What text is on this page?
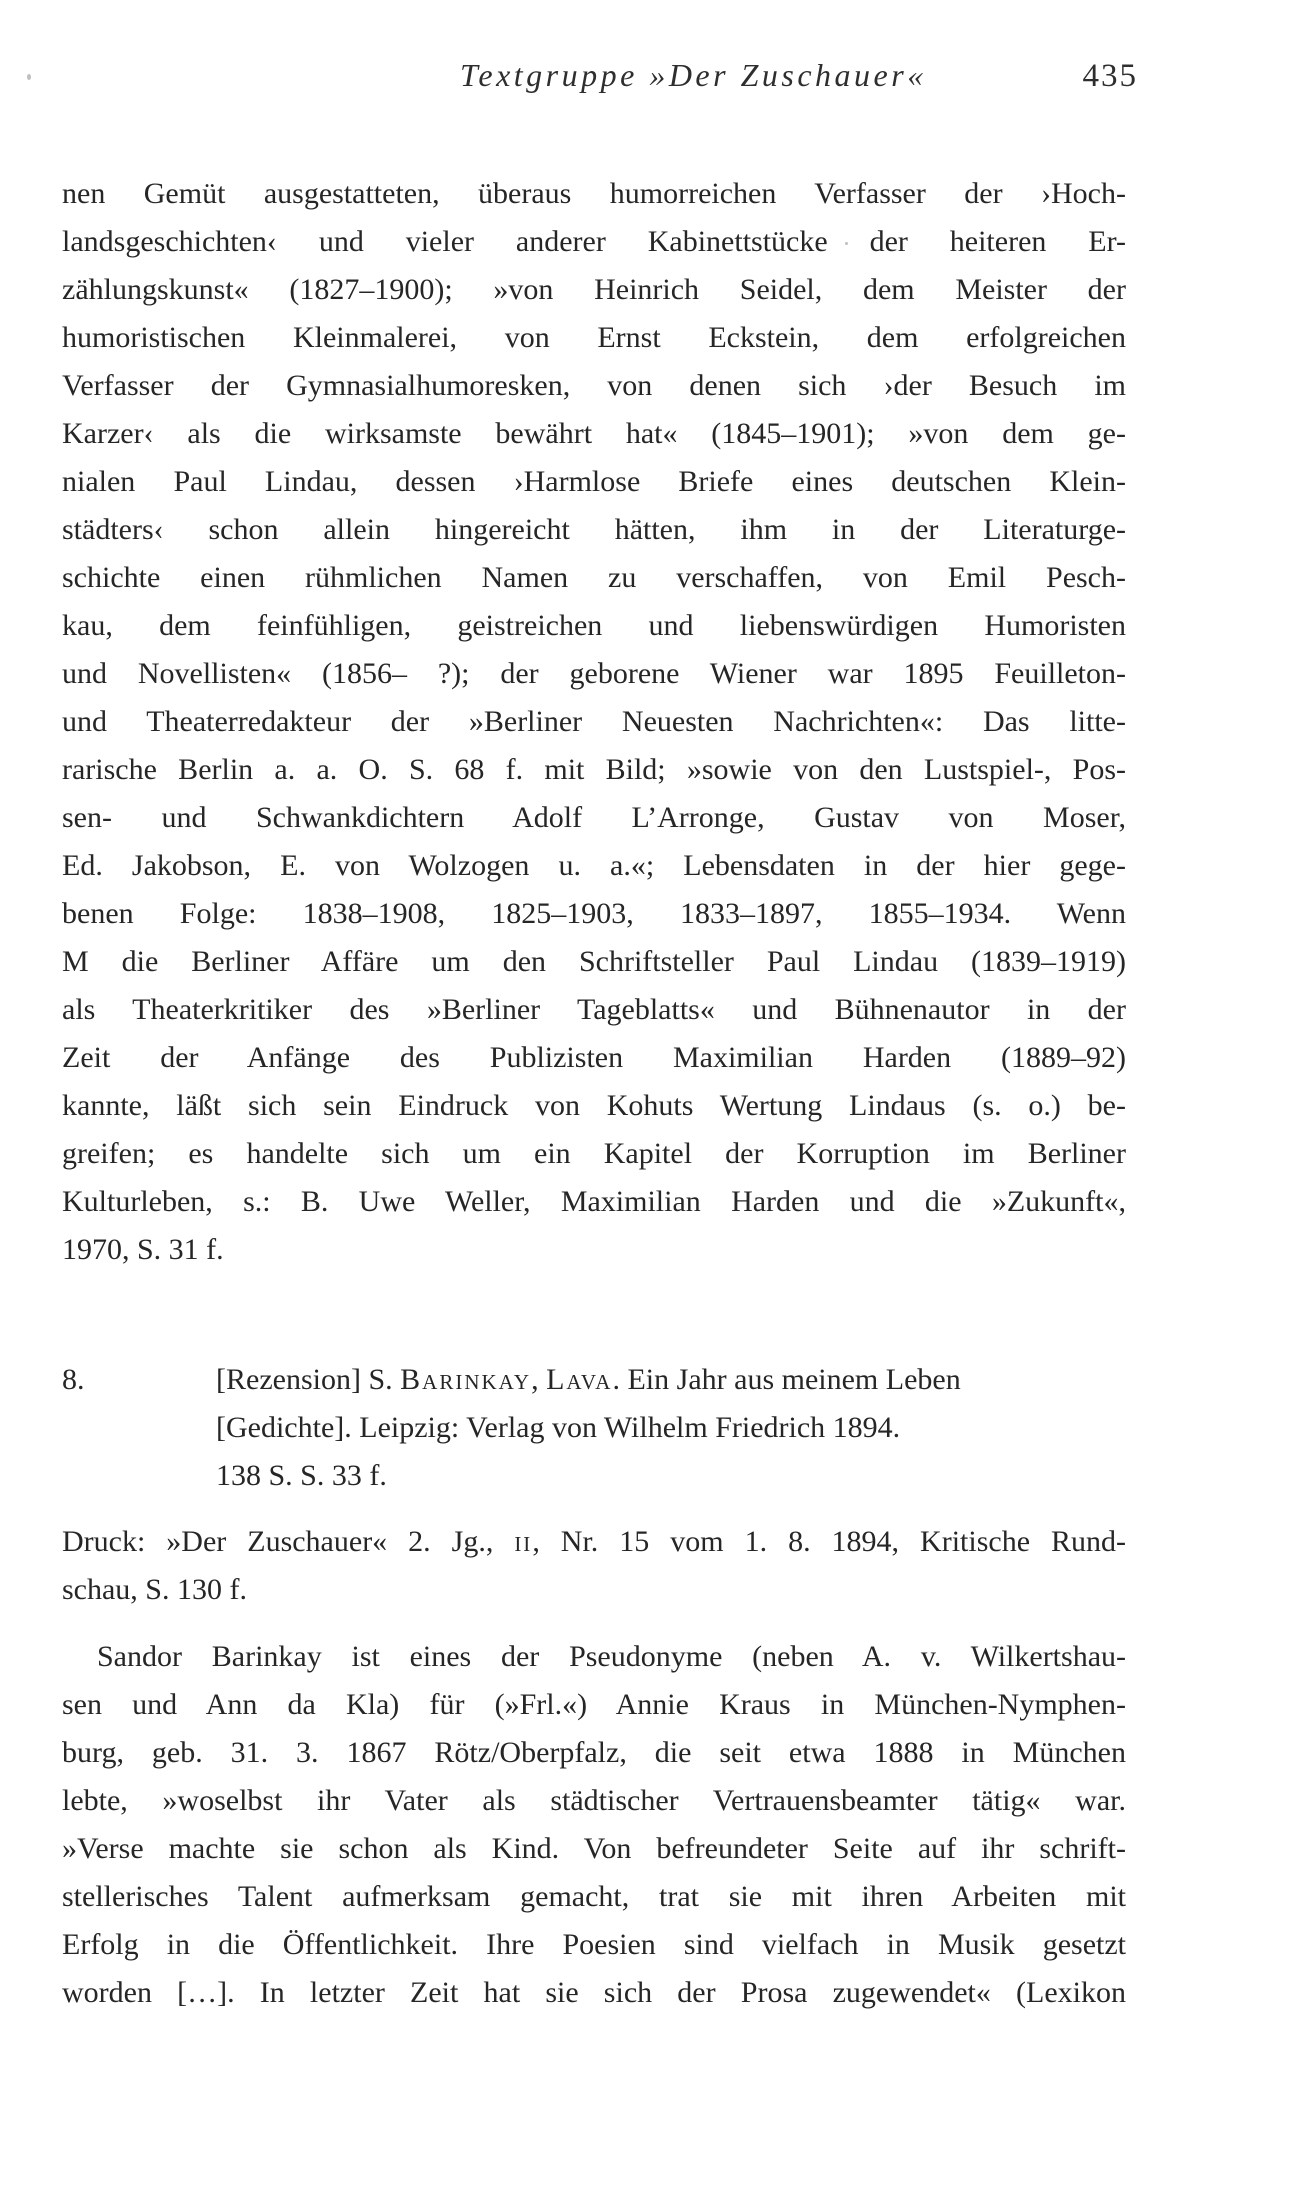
Textgruppe »Der Zuschauer«	435
nen Gemüt ausgestatteten, überaus humorreichen Verfasser der ›Hoch-
landsgeschichten‹ und vieler anderer Kabinettstücke der heiteren Er-
zählungskunst« (1827–1900); »von Heinrich Seidel, dem Meister der
humoristischen Kleinmalerei, von Ernst Eckstein, dem erfolgreichen
Verfasser der Gymnasialhumoresken, von denen sich ›der Besuch im
Karzer‹ als die wirksamste bewährt hat« (1845–1901); »von dem ge-
nialen Paul Lindau, dessen ›Harmlose Briefe eines deutschen Klein-
städters‹ schon allein hingereicht hätten, ihm in der Literaturge-
schichte einen rühmlichen Namen zu verschaffen, von Emil Pesch-
kau, dem feinfühligen, geistreichen und liebenswürdigen Humoristen
und Novellisten« (1856– ?); der geborene Wiener war 1895 Feuilleton-
und Theaterredakteur der »Berliner Neuesten Nachrichten«: Das litte-
rarische Berlin a. a. O. S. 68 f. mit Bild; »sowie von den Lustspiel-, Pos-
sen- und Schwankdichtern Adolf L’Arronge, Gustav von Moser,
Ed. Jakobson, E. von Wolzogen u. a.«; Lebensdaten in der hier gege-
benen Folge: 1838–1908, 1825–1903, 1833–1897, 1855–1934. Wenn
M die Berliner Affäre um den Schriftsteller Paul Lindau (1839–1919)
als Theaterkritiker des »Berliner Tageblatts« und Bühnenautor in der
Zeit der Anfänge des Publizisten Maximilian Harden (1889–92)
kannte, läßt sich sein Eindruck von Kohuts Wertung Lindaus (s. o.) be-
greifen; es handelte sich um ein Kapitel der Korruption im Berliner
Kulturleben, s.: B. Uwe Weller, Maximilian Harden und die »Zukunft«,
1970, S. 31 f.
8.	[Rezension] S. Barinkay, Lava. Ein Jahr aus meinem Leben
[Gedichte]. Leipzig: Verlag von Wilhelm Friedrich 1894.
138 S. S. 33 f.
Druck: »Der Zuschauer« 2. Jg., ii, Nr. 15 vom 1. 8. 1894, Kritische Rund-
schau, S. 130 f.
Sandor Barinkay ist eines der Pseudonyme (neben A. v. Wilkertshau-
sen und Ann da Kla) für (»Frl.«) Annie Kraus in München-Nymphen-
burg, geb. 31. 3. 1867 Rötz/Oberpfalz, die seit etwa 1888 in München
lebte, »woselbst ihr Vater als städtischer Vertrauensbeamter tätig« war.
»Verse machte sie schon als Kind. Von befreundeter Seite auf ihr schrift-
stellerisches Talent aufmerksam gemacht, trat sie mit ihren Arbeiten mit
Erfolg in die Öffentlichkeit. Ihre Poesien sind vielfach in Musik gesetzt
worden […]. In letzter Zeit hat sie sich der Prosa zugewendet« (Lexikon
